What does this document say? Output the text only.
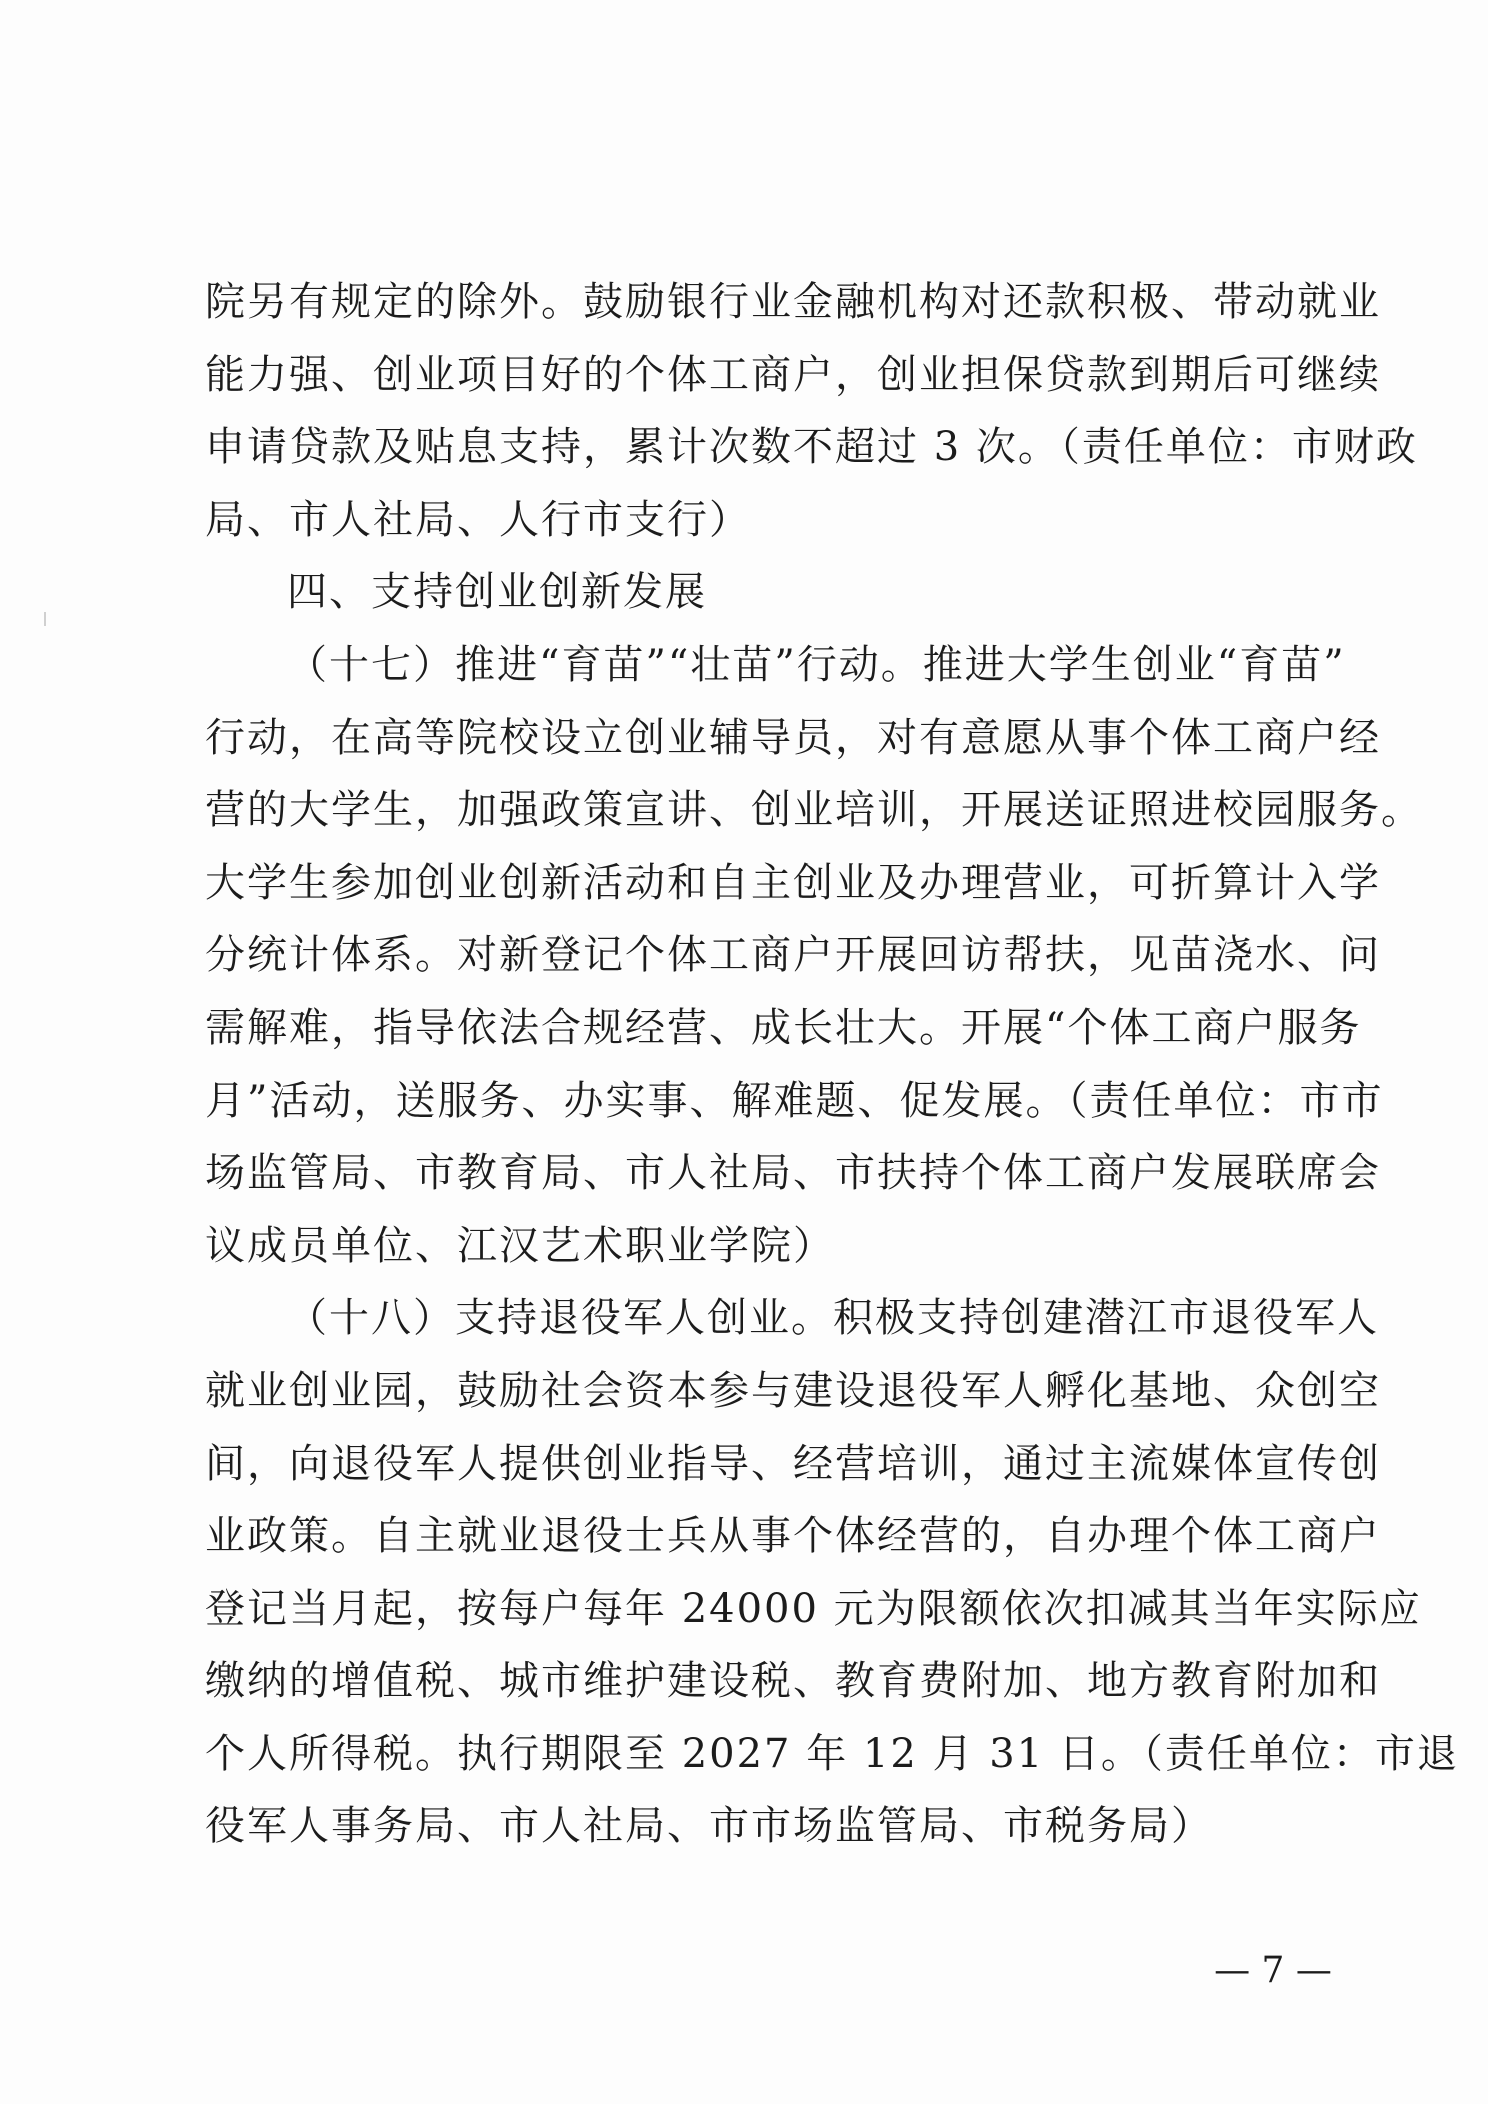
院另有规定的除外。鼓励银行业金融机构对还款积极、带动就业
能力强、创业项目好的个体工商户，创业担保贷款到期后可继续
申请贷款及贴息支持，累计次数不超过 3 次。（责任单位：市财政
局、市人社局、人行市支行）
四、支持创业创新发展
（十七）推进“育苗”“壮苗”行动。推进大学生创业“育苗”
行动，在高等院校设立创业辅导员，对有意愿从事个体工商户经
营的大学生，加强政策宣讲、创业培训，开展送证照进校园服务。
大学生参加创业创新活动和自主创业及办理营业，可折算计入学
分统计体系。对新登记个体工商户开展回访帮扶，见苗浇水、问
需解难，指导依法合规经营、成长壮大。开展“个体工商户服务
月”活动，送服务、办实事、解难题、促发展。（责任单位：市市
场监管局、市教育局、市人社局、市扶持个体工商户发展联席会
议成员单位、江汉艺术职业学院）
（十八）支持退役军人创业。积极支持创建潜江市退役军人
就业创业园，鼓励社会资本参与建设退役军人孵化基地、众创空
间，向退役军人提供创业指导、经营培训，通过主流媒体宣传创
业政策。自主就业退役士兵从事个体经营的，自办理个体工商户
登记当月起，按每户每年 24000 元为限额依次扣减其当年实际应
缴纳的增值税、城市维护建设税、教育费附加、地方教育附加和
个人所得税。执行期限至 2027 年 12 月 31 日。（责任单位：市退
役军人事务局、市人社局、市市场监管局、市税务局）
— 7 —
